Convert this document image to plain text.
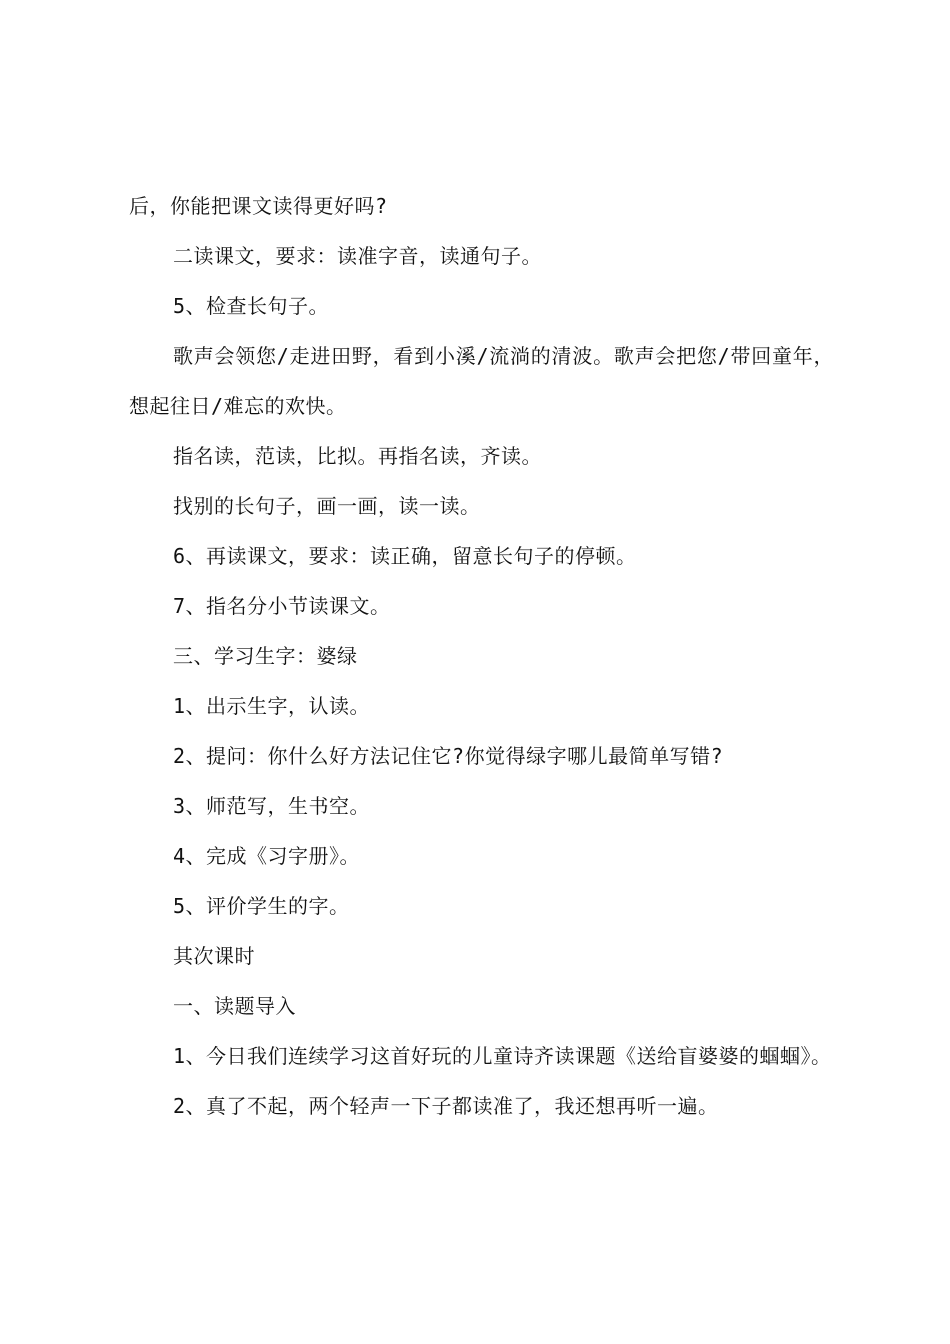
后，你能把课文读得更好吗?

二读课文，要求：读准字音，读通句子。

5、检查长句子。

歌声会领您/走进田野，看到小溪/流淌的清波。歌声会把您/带回童年，想起往日/难忘的欢快。

指名读，范读，比拟。再指名读，齐读。

找别的长句子，画一画，读一读。

6、再读课文，要求：读正确，留意长句子的停顿。

7、指名分小节读课文。

三、学习生字：婆绿

1、出示生字，认读。

2、提问：你什么好方法记住它?你觉得绿字哪儿最简单写错?

3、师范写，生书空。

4、完成《习字册》。

5、评价学生的字。

其次课时

一、读题导入

1、今日我们连续学习这首好玩的儿童诗齐读课题《送给盲婆婆的蝈蝈》。

2、真了不起，两个轻声一下子都读准了，我还想再听一遍。
